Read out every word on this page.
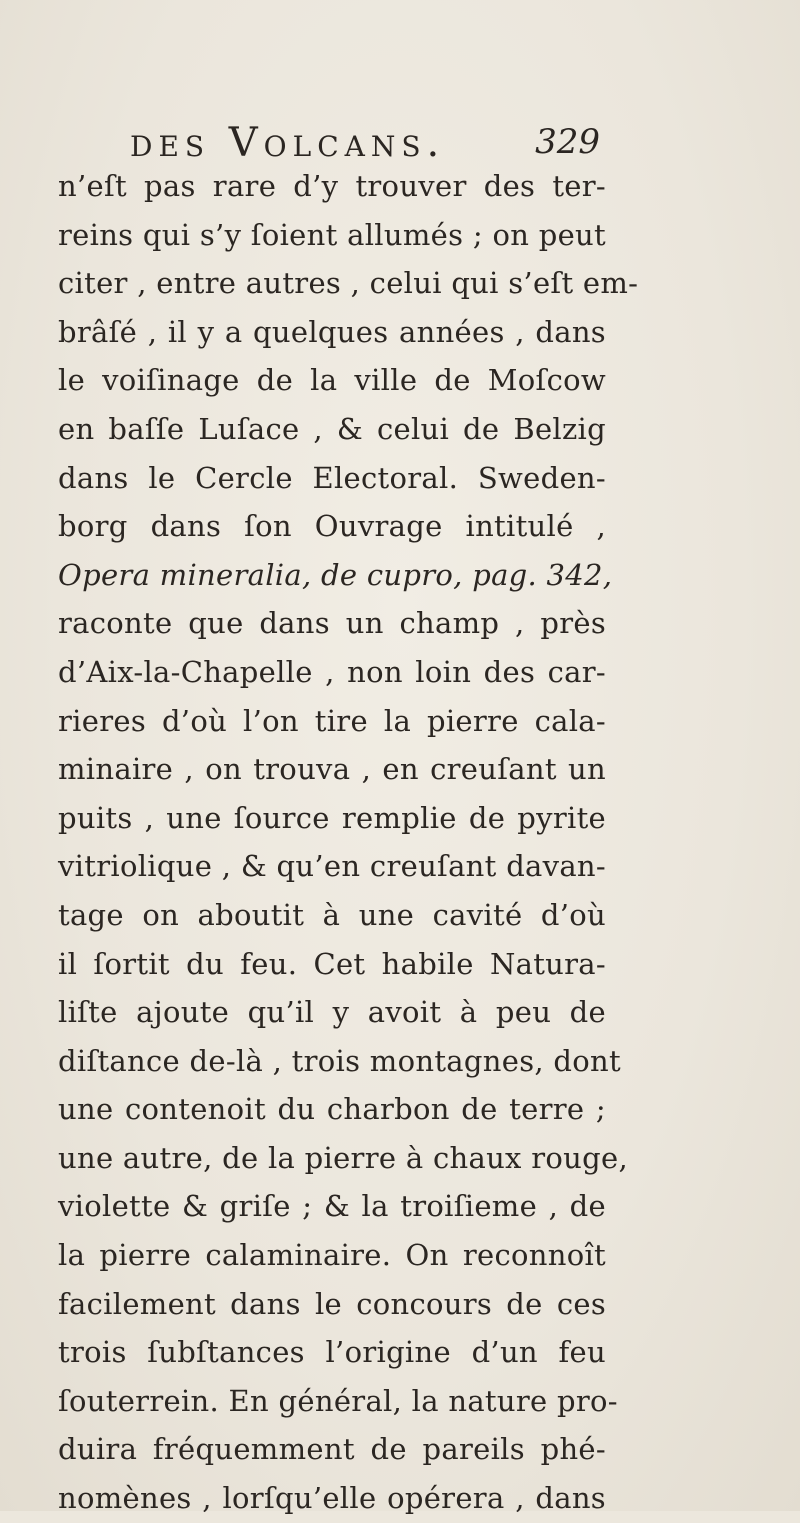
des Volcans.	329
n’eſt pas rare d’y trouver des ter-
reins qui s’y ſoient allumés ; on peut
citer , entre autres , celui qui s’eſt em-
brâſé , il y a quelques années , dans
le voiſinage de la ville de Moſcow
en baſſe Luſace , & celui de Belzig
dans le Cercle Electoral. Sweden-
borg dans ſon Ouvrage intitulé ,
Opera mineralia, de cupro, pag. 342,
raconte que dans un champ , près
d’Aix-la-Chapelle , non loin des car-
rieres d’où l’on tire la pierre cala-
minaire , on trouva , en creuſant un
puits , une ſource remplie de pyrite
vitriolique , & qu’en creuſant davan-
tage on aboutit à une cavité d’où
il ſortit du feu. Cet habile Natura-
liſte ajoute qu’il y avoit à peu de
diſtance de-là , trois montagnes, dont
une contenoit du charbon de terre ;
une autre, de la pierre à chaux rouge,
violette & griſe ; & la troiſieme , de
la pierre calaminaire. On reconnoît
facilement dans le concours de ces
trois ſubſtances l’origine d’un feu
ſouterrein. En général, la nature pro-
duira fréquemment de pareils phé-
nomènes , lorſqu’elle opérera , dans
